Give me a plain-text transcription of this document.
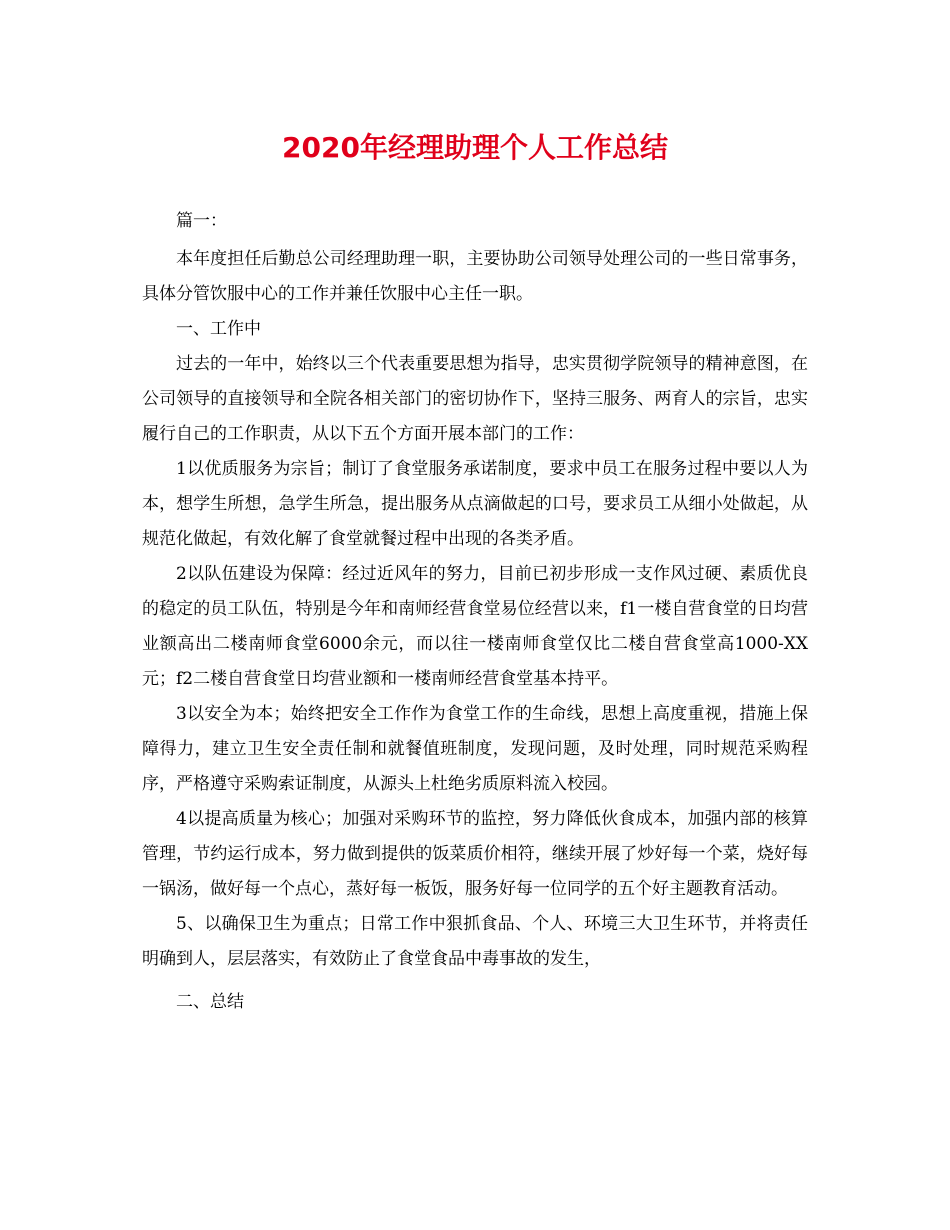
2020年经理助理个人工作总结

篇一：

本年度担任后勤总公司经理助理一职，主要协助公司领导处理公司的一些日常事务，具体分管饮服中心的工作并兼任饮服中心主任一职。

一、工作中

过去的一年中，始终以三个代表重要思想为指导，忠实贯彻学院领导的精神意图，在公司领导的直接领导和全院各相关部门的密切协作下，坚持三服务、两育人的宗旨，忠实履行自己的工作职责，从以下五个方面开展本部门的工作：

1以优质服务为宗旨；制订了食堂服务承诺制度，要求中员工在服务过程中要以人为本，想学生所想，急学生所急，提出服务从点滴做起的口号，要求员工从细小处做起，从规范化做起，有效化解了食堂就餐过程中出现的各类矛盾。

2以队伍建设为保障：经过近风年的努力，目前已初步形成一支作风过硬、素质优良的稳定的员工队伍，特别是今年和南师经营食堂易位经营以来，f1一楼自营食堂的日均营业额高出二楼南师食堂6000余元，而以往一楼南师食堂仅比二楼自营食堂高1000-XX元；f2二楼自营食堂日均营业额和一楼南师经营食堂基本持平。

3以安全为本；始终把安全工作作为食堂工作的生命线，思想上高度重视，措施上保障得力，建立卫生安全责任制和就餐值班制度，发现问题，及时处理，同时规范采购程序，严格遵守采购索证制度，从源头上杜绝劣质原料流入校园。

4以提高质量为核心；加强对采购环节的监控，努力降低伙食成本，加强内部的核算管理，节约运行成本，努力做到提供的饭菜质价相符，继续开展了炒好每一个菜，烧好每一锅汤，做好每一个点心，蒸好每一板饭，服务好每一位同学的五个好主题教育活动。

5、以确保卫生为重点；日常工作中狠抓食品、个人、环境三大卫生环节，并将责任明确到人，层层落实，有效防止了食堂食品中毒事故的发生，

二、总结
